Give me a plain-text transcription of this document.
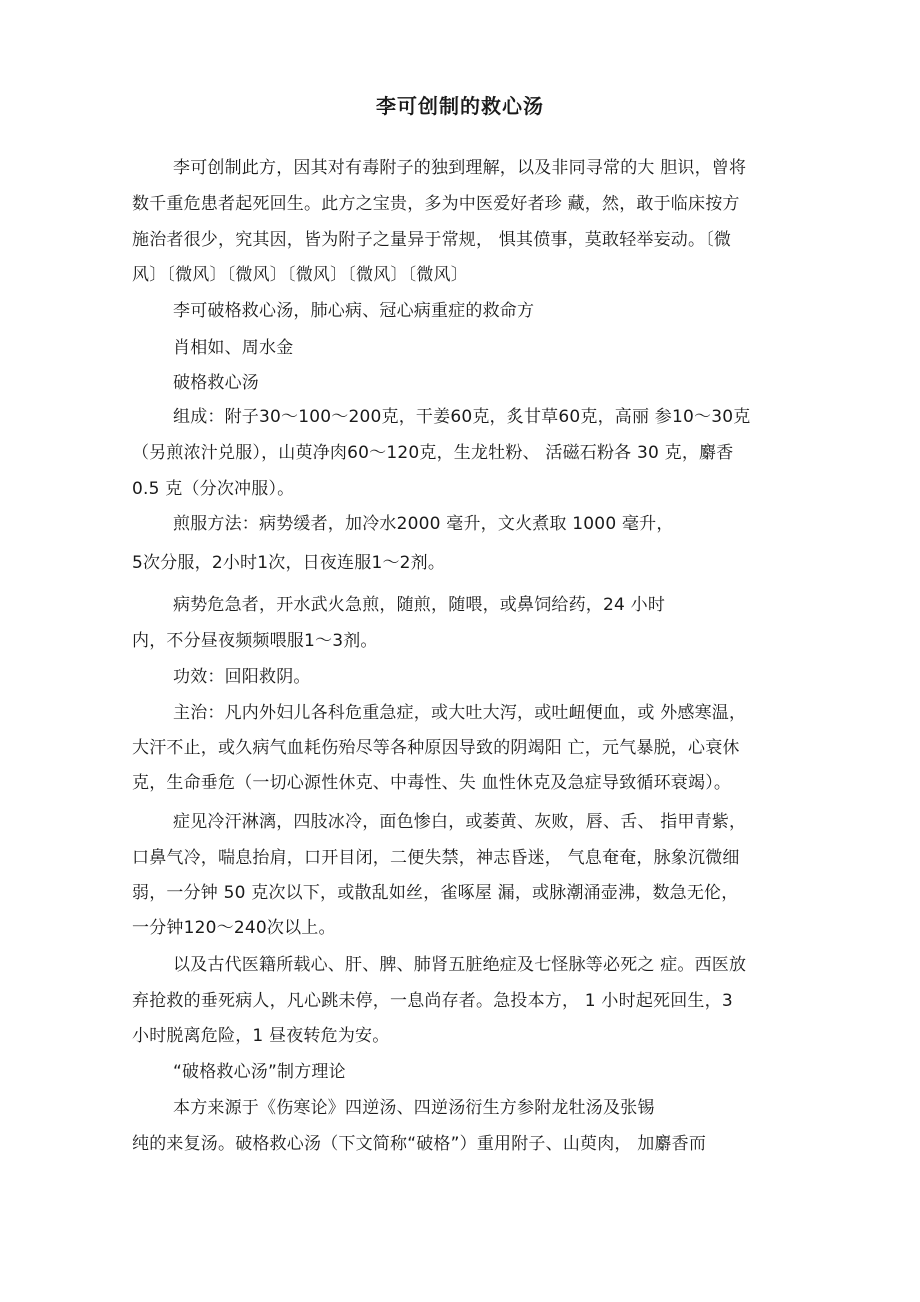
李可创制的救心汤
李可创制此方，因其对有毒附子的独到理解，以及非同寻常的大 胆识，曾将
数千重危患者起死回生。此方之宝贵，多为中医爱好者珍 藏，然，敢于临床按方
施治者很少，究其因，皆为附子之量异于常规， 惧其偾事，莫敢轻举妄动。〔微
风〕〔微风〕〔微风〕〔微风〕〔微风〕〔微风〕
李可破格救心汤，肺心病、冠心病重症的救命方
肖相如、周水金
破格救心汤
组成：附子30～100～200克，干姜60克，炙甘草60克，高丽 参10～30克
（另煎浓汁兑服），山萸净肉60～120克，生龙牡粉、 活磁石粉各 30 克，麝香
0.5 克（分次冲服）。
煎服方法：病势缓者，加冷水2000 毫升，文火煮取 1000 毫升，
5次分服，2小时1次，日夜连服1～2剂。
病势危急者，开水武火急煎，随煎，随喂，或鼻饲给药，24 小时
内，不分昼夜频频喂服1～3剂。
功效：回阳救阴。
主治：凡内外妇儿各科危重急症，或大吐大泻，或吐衄便血，或 外感寒温，
大汗不止，或久病气血耗伤殆尽等各种原因导致的阴竭阳 亡，元气暴脱，心衰休
克，生命垂危（一切心源性休克、中毒性、失 血性休克及急症导致循环衰竭）。
症见冷汗淋漓，四肢冰冷，面色惨白，或萎黄、灰败，唇、舌、 指甲青紫，
口鼻气冷，喘息抬肩，口开目闭，二便失禁，神志昏迷， 气息奄奄，脉象沉微细
弱，一分钟 50 克次以下，或散乱如丝，雀啄屋 漏，或脉潮涌壶沸，数急无伦，
一分钟120～240次以上。
以及古代医籍所载心、肝、脾、肺肾五脏绝症及七怪脉等必死之 症。西医放
弃抢救的垂死病人，凡心跳未停，一息尚存者。急投本方， 1 小时起死回生，3
小时脱离危险，1 昼夜转危为安。
“破格救心汤”制方理论
本方来源于《伤寒论》四逆汤、四逆汤衍生方参附龙牡汤及张锡
纯的来复汤。破格救心汤（下文简称“破格”）重用附子、山萸肉， 加麝香而
